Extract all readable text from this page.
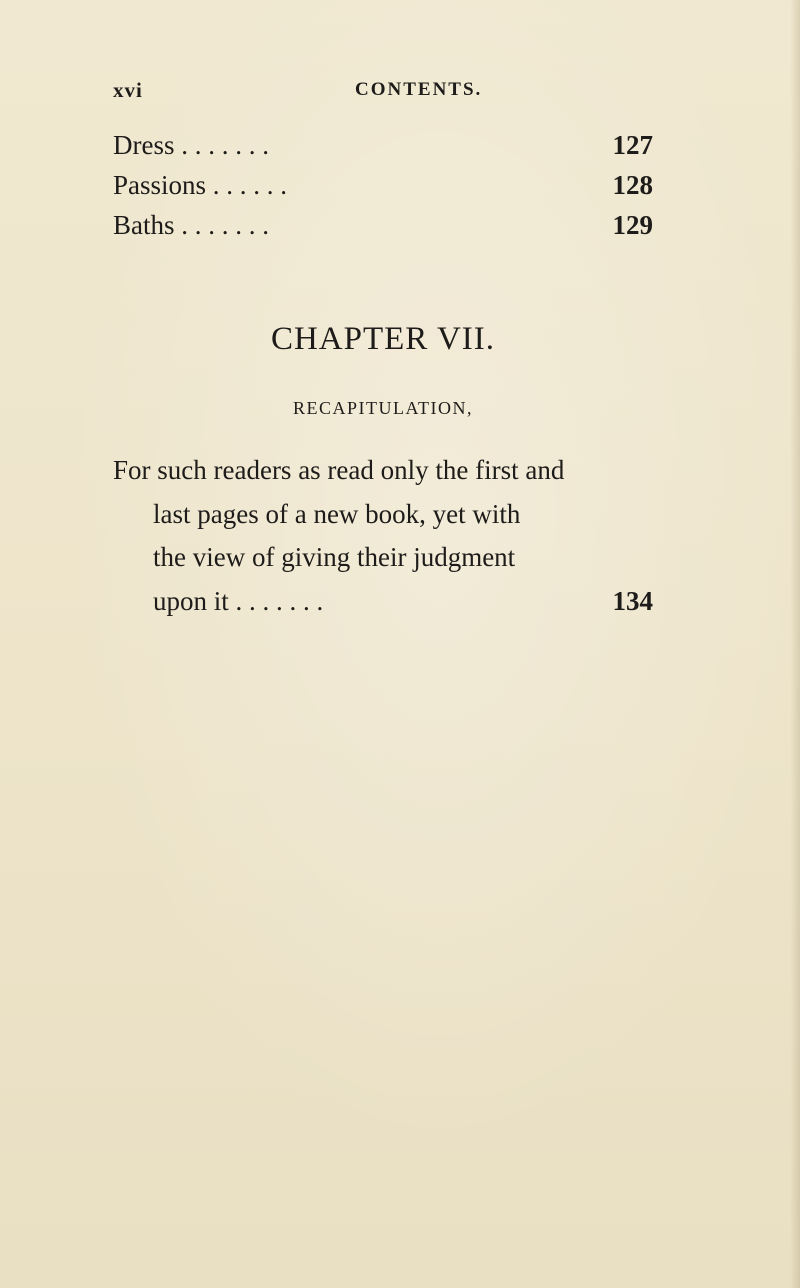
xvi	CONTENTS.
Dress . . . . . . .	127
Passions . . . . . .	128
Baths . . . . . . .	129
CHAPTER VII.
RECAPITULATION,
For such readers as read only the first and
last pages of a new book, yet with
the view of giving their judgment
upon it . . . . . . .	134
